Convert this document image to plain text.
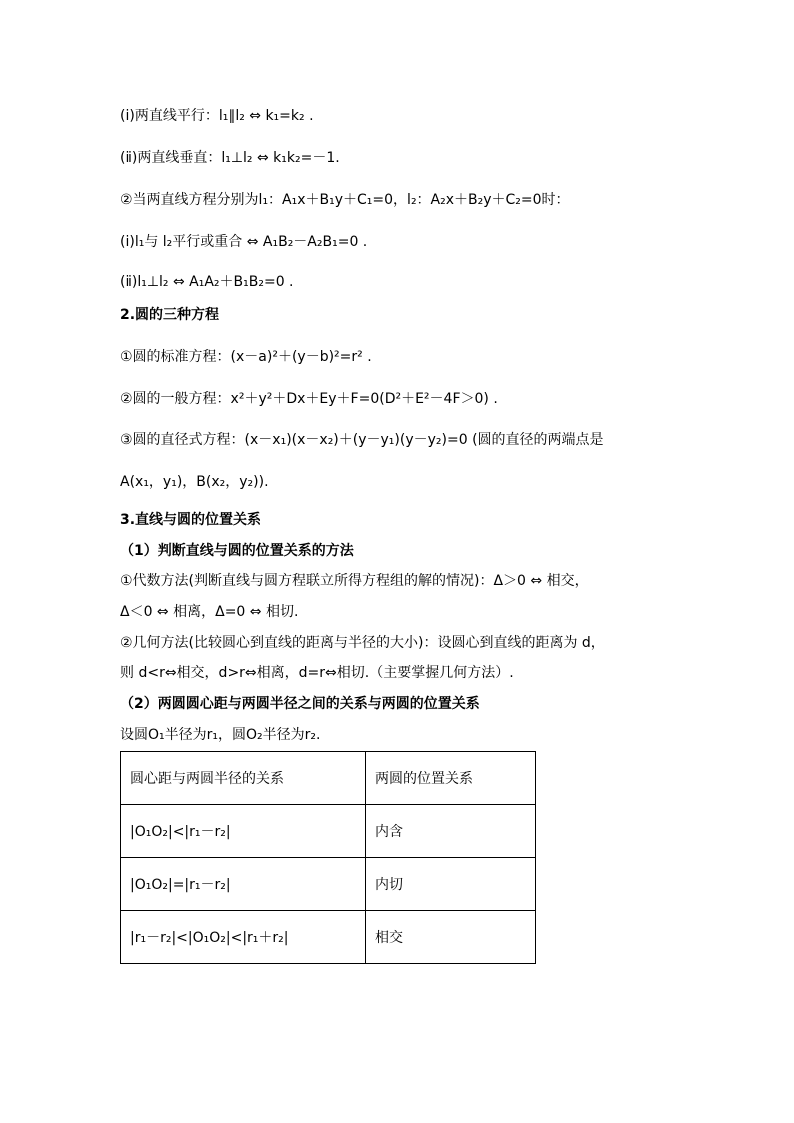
(ⅰ)两直线平行：l₁∥l₂ ⇔ k₁=k₂ .
(ⅱ)两直线垂直：l₁⊥l₂ ⇔ k₁k₂=－1.
②当两直线方程分别为l₁：A₁x＋B₁y＋C₁=0，l₂：A₂x＋B₂y＋C₂=0时：
(ⅰ)l₁与 l₂平行或重合 ⇔ A₁B₂－A₂B₁=0 .
(ⅱ)l₁⊥l₂ ⇔ A₁A₂＋B₁B₂=0 .
2.圆的三种方程
①圆的标准方程：(x－a)²＋(y－b)²=r² .
②圆的一般方程：x²＋y²＋Dx＋Ey＋F=0(D²＋E²－4F＞0) .
③圆的直径式方程：(x－x₁)(x－x₂)＋(y－y₁)(y－y₂)=0 (圆的直径的两端点是
A(x₁，y₁)，B(x₂，y₂)).
3.直线与圆的位置关系
（1）判断直线与圆的位置关系的方法
①代数方法(判断直线与圆方程联立所得方程组的解的情况)：Δ＞0 ⇔ 相交，
Δ＜0 ⇔ 相离，Δ=0 ⇔ 相切.
②几何方法(比较圆心到直线的距离与半径的大小)：设圆心到直线的距离为 d，
则 d<r⇔相交，d>r⇔相离，d=r⇔相切.（主要掌握几何方法）.
（2）两圆圆心距与两圆半径之间的关系与两圆的位置关系
设圆O₁半径为r₁，圆O₂半径为r₂.
圆心距与两圆半径的关系	两圆的位置关系
|O₁O₂|<|r₁－r₂|	内含
|O₁O₂|=|r₁－r₂|	内切
|r₁－r₂|<|O₁O₂|<|r₁＋r₂|	相交
